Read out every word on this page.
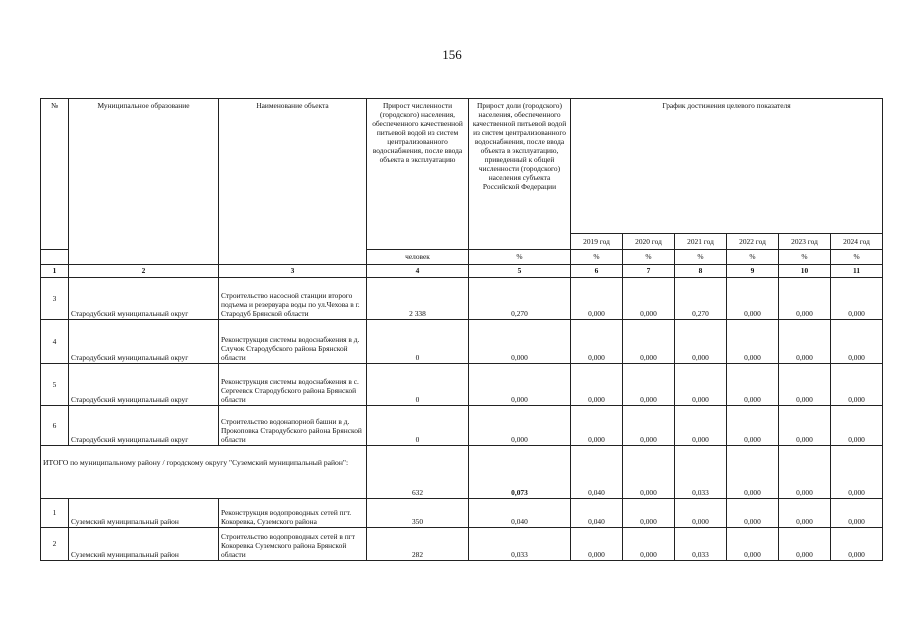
156
№	Муниципальное образование	Наименование объекта	Прирост численности (городского) населения, обеспеченного качественной питьевой водой из систем централизованного водоснабжения, после ввода объекта в эксплуатацию	Прирост доли (городского) населения, обеспеченного качественной питьевой водой из систем централизованного водоснабжения, после ввода объекта в эксплуатацию, приведенный к общей численности (городского) населения субъекта Российской Федерации	График достижения целевого показателя					
					2019 год	2020 год	2021 год	2022 год	2023 год	2024 год
			человек	%	%	%	%	%	%	%
1	2	3	4	5	6	7	8	9	10	11
3	Стародубский муниципальный округ	Строительство насосной станции второго подъема и резервуара воды по ул.Чехова в г. Стародуб Брянской области	2 338	0,270	0,000	0,000	0,270	0,000	0,000	0,000
4	Стародубский муниципальный округ	Реконструкция системы водоснабжения в д. Случок Стародубского района Брянской области	0	0,000	0,000	0,000	0,000	0,000	0,000	0,000
5	Стародубский муниципальный округ	Реконструкция системы водоснабжения в с. Сергеевск Стародубского района Брянской области	0	0,000	0,000	0,000	0,000	0,000	0,000	0,000
6	Стародубский муниципальный округ	Строительство водонапорной башни в д. Прокоповка Стародубского района Брянской области	0	0,000	0,000	0,000	0,000	0,000	0,000	0,000
ИТОГО по муниципальному району / городскому округу "Суземский муниципальный район":			632	0,073	0,040	0,000	0,033	0,000	0,000	0,000
1	Суземский муниципальный район	Реконструкция водопроводных сетей пгт. Кокоревка, Суземского района	350	0,040	0,040	0,000	0,000	0,000	0,000	0,000
2	Суземский муниципальный район	Строительство водопроводных сетей в пгт Кокоревка Суземского района Брянской области	282	0,033	0,000	0,000	0,033	0,000	0,000	0,000
